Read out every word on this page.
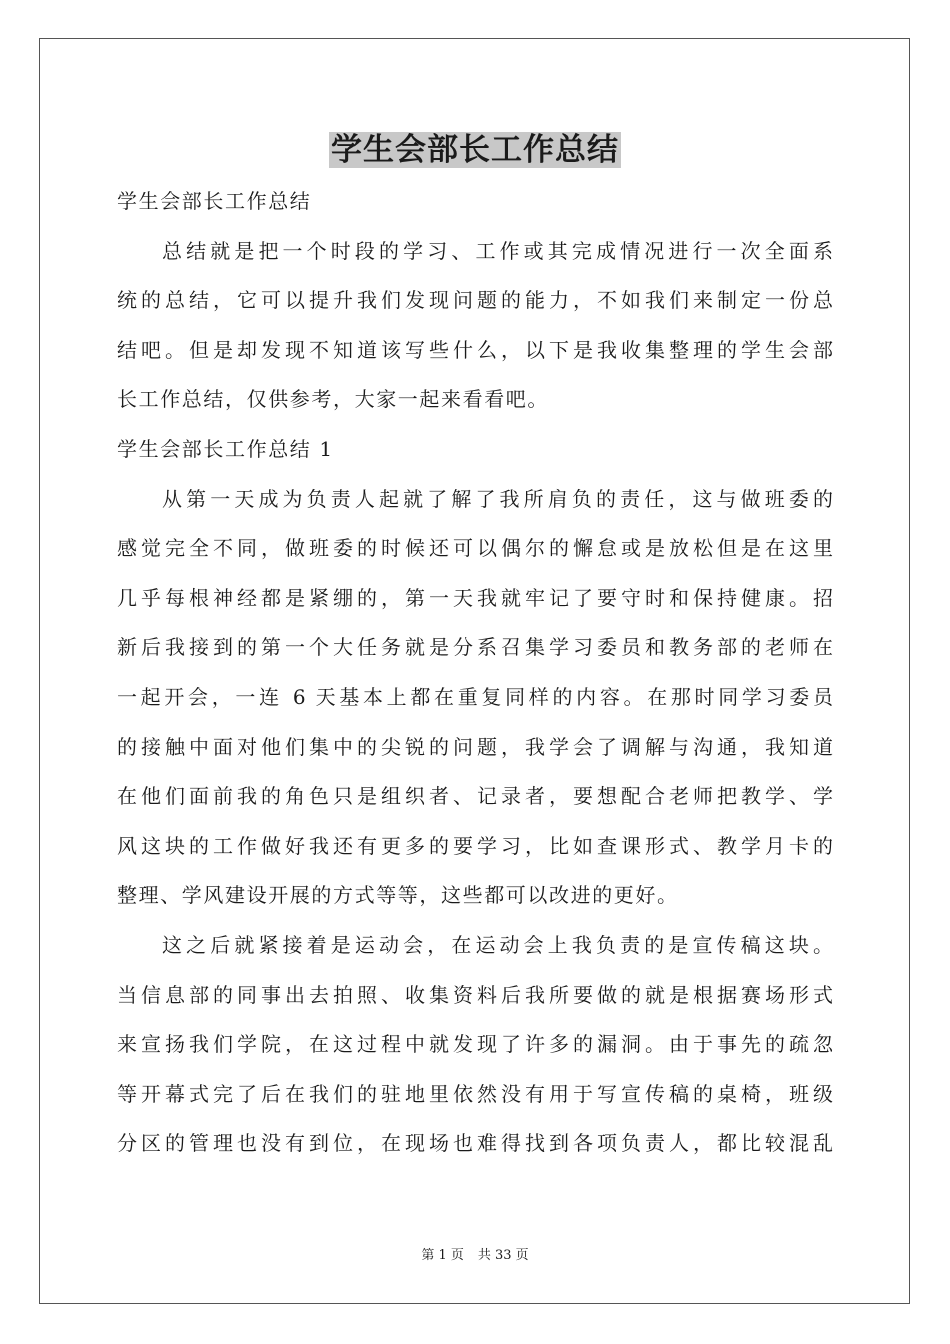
学生会部长工作总结

学生会部长工作总结

总结就是把一个时段的学习、工作或其完成情况进行一次全面系

统的总结，它可以提升我们发现问题的能力，不如我们来制定一份总

结吧。但是却发现不知道该写些什么，以下是我收集整理的学生会部

长工作总结，仅供参考，大家一起来看看吧。

学生会部长工作总结 1

从第一天成为负责人起就了解了我所肩负的责任，这与做班委的

感觉完全不同，做班委的时候还可以偶尔的懈怠或是放松但是在这里

几乎每根神经都是紧绷的，第一天我就牢记了要守时和保持健康。招

新后我接到的第一个大任务就是分系召集学习委员和教务部的老师在

一起开会，一连 6 天基本上都在重复同样的内容。在那时同学习委员

的接触中面对他们集中的尖锐的问题，我学会了调解与沟通，我知道

在他们面前我的角色只是组织者、记录者，要想配合老师把教学、学

风这块的工作做好我还有更多的要学习，比如查课形式、教学月卡的

整理、学风建设开展的方式等等，这些都可以改进的更好。

这之后就紧接着是运动会，在运动会上我负责的是宣传稿这块。

当信息部的同事出去拍照、收集资料后我所要做的就是根据赛场形式

来宣扬我们学院，在这过程中就发现了许多的漏洞。由于事先的疏忽

等开幕式完了后在我们的驻地里依然没有用于写宣传稿的桌椅，班级

分区的管理也没有到位，在现场也难得找到各项负责人，都比较混乱

第 1 页 共 33 页
